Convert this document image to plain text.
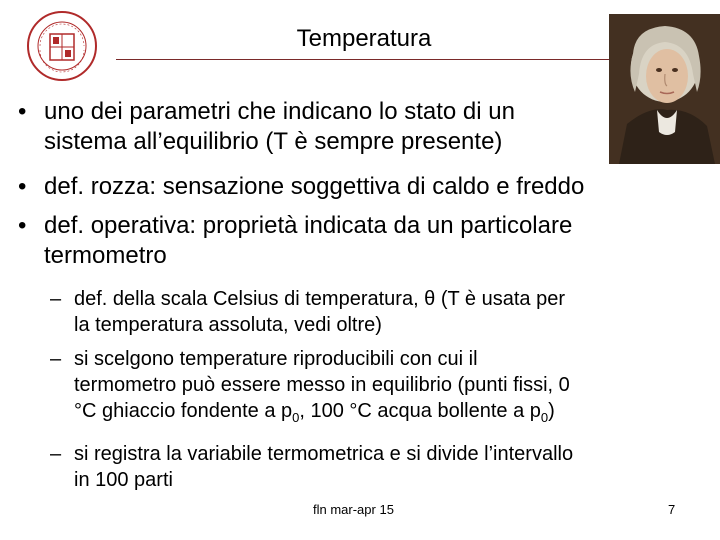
Temperatura
• uno dei parametri che indicano lo stato di un
sistema all’equilibrio (T è sempre presente)
• def. rozza: sensazione soggettiva di caldo e freddo
• def. operativa: proprietà indicata da un particolare
termometro
– def. della scala Celsius di temperatura, θ (T è usata per
la temperatura assoluta, vedi oltre)
– si scelgono temperature riproducibili con cui il
termometro può essere messo in equilibrio (punti fissi, 0
°C ghiaccio fondente a $p_0$, 100 °C acqua bollente a $p_0$)
– si registra la variabile termometrica e si divide l’intervallo
in 100 parti
fln mar-apr 15	7
